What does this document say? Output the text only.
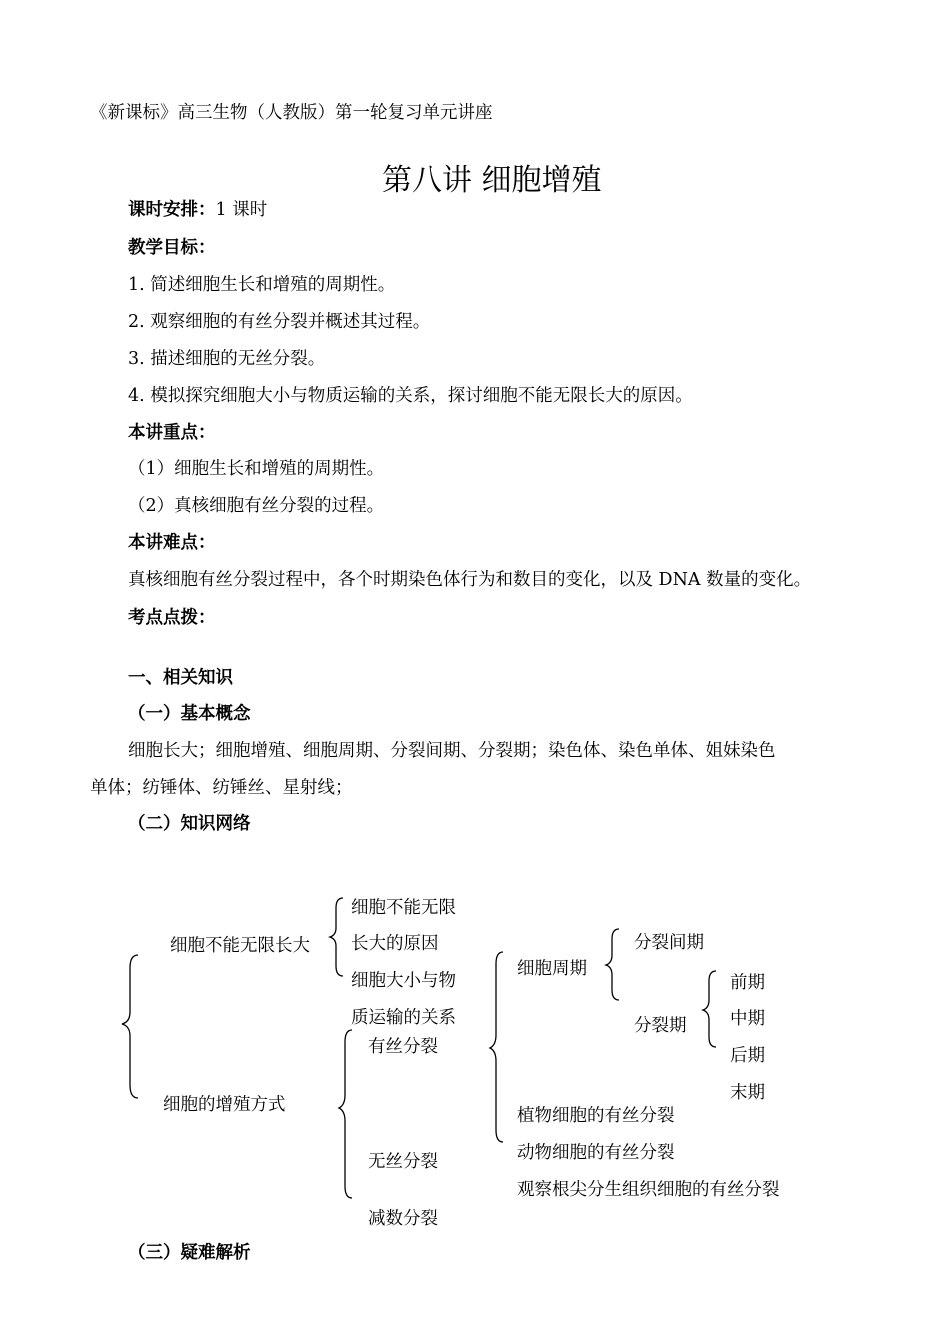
《新课标》高三生物（人教版）第一轮复习单元讲座
第八讲 细胞增殖
课时安排：1 课时
教学目标：
1. 简述细胞生长和增殖的周期性。
2. 观察细胞的有丝分裂并概述其过程。
3. 描述细胞的无丝分裂。
4. 模拟探究细胞大小与物质运输的关系，探讨细胞不能无限长大的原因。
本讲重点：
（1）细胞生长和增殖的周期性。
（2）真核细胞有丝分裂的过程。
本讲难点：
真核细胞有丝分裂过程中，各个时期染色体行为和数目的变化，以及 DNA 数量的变化。
考点点拨：
一、相关知识
（一）基本概念
细胞长大；细胞增殖、细胞周期、分裂间期、分裂期；染色体、染色单体、姐妹染色
单体；纺锤体、纺锤丝、星射线；
（二）知识网络
细胞不能无限长大
细胞不能无限
长大的原因
细胞大小与物
质运输的关系
细胞的增殖方式
有丝分裂
无丝分裂
减数分裂
细胞周期
分裂间期
分裂期
前期
中期
后期
末期
植物细胞的有丝分裂
动物细胞的有丝分裂
观察根尖分生组织细胞的有丝分裂
（三）疑难解析
